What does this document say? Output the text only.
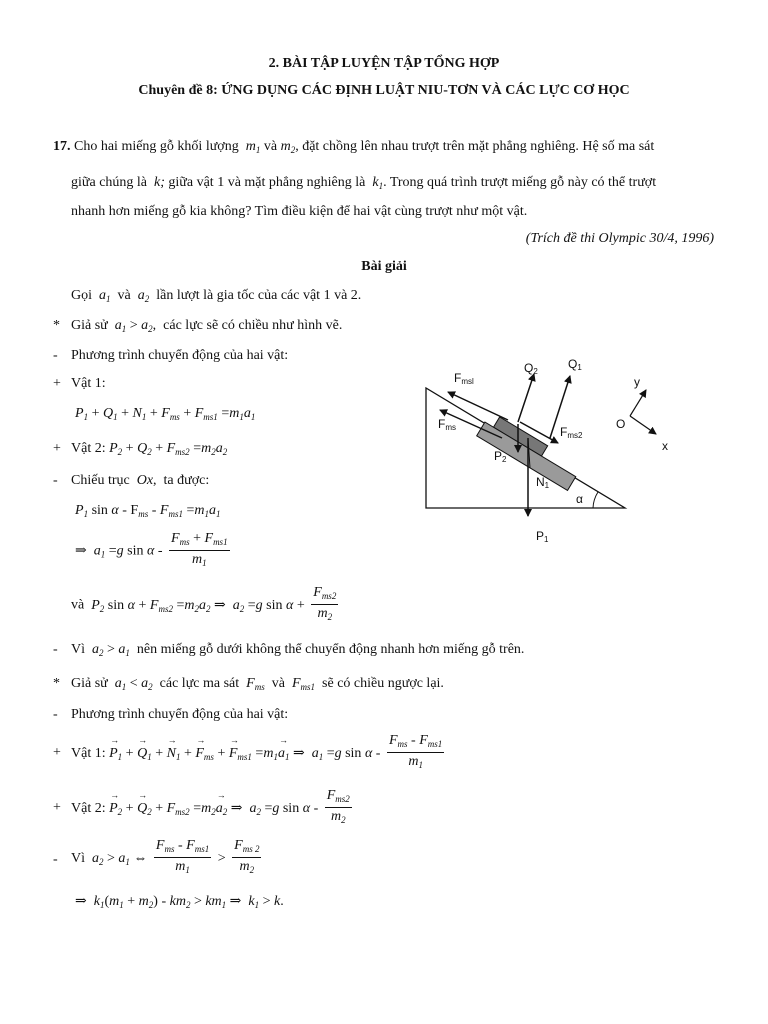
2. BÀI TẬP LUYỆN TẬP TỔNG HỢP
Chuyên đề 8: ỨNG DỤNG CÁC ĐỊNH LUẬT NIU-TƠN VÀ CÁC LỰC CƠ HỌC
17. Cho hai miếng gỗ khối lượng  $m_1$ và $m_2$, đặt chồng lên nhau trượt trên mặt phẳng nghiêng. Hệ số ma sát
giữa chúng là  k; giữa vật 1 và mặt phẳng nghiêng là  $k_1$. Trong quá trình trượt miếng gỗ này có thể trượt
nhanh hơn miếng gỗ kia không? Tìm điều kiện để hai vật cùng trượt như một vật.
(Trích đề thi Olympic 30/4, 1996)
Bài giải
Gọi  $a_1$ và  $a_2$ lần lượt là gia tốc của các vật 1 và 2.
* Giả sử  $a_1 > a_2$, các lực sẽ có chiều như hình vẽ.
- Phương trình chuyển động của hai vật:
+ Vật 1:
$P_1 + Q_1 + N_1 + F_{ms} + F_{ms1} =m_1a_1$
+ Vật 2: $P_2 + Q_2 + F_{ms2} =m_2a_2$
- Chiếu trục  Ox, ta được:
$P_1$ $\sin \alpha - F_{ms} - F_{ms1} =m_1a_1$
⇒  $a_1 =g$ sin α - $\frac{F_{ms} + F_{ms1}}{m_1}$
và  $P_2$ $\sin \alpha + F_{ms2} =m_2a_2$ ⇒  $a_2 =g$ $\sin \alpha + \frac{F_{ms2}}{m_2}$
- Vì  $a_2 > a_1$ nên miếng gỗ dưới không thể chuyển động nhanh hơn miếng gỗ trên.
* Giả sử  $a_1 < a_2$ các lực ma sát  $F_{ms}$ và  $F_{ms1}$ sẽ có chiều ngược lại.
- Phương trình chuyển động của hai vật:
+ Vật 1: → $P_1$ + → $Q_1$ + → $N_1$ + → $F_{ms}$ + → $F_{ms1} =m_1\to a_1$ ⇒  $a_1 =g$ sin α - $\frac{F_{ms} - F_{ms1}}{m_1}$
+ Vật 2: → $P_2$ + → $Q_2 + F_{ms2} =m_2\to a_2$ ⇒  $a_2 =g$ sin α - $\frac{F_{ms2}}{m_2}$
- Vì  $a_2 > a_1$ ⇔ $\frac{F_{ms} - F_{ms1}}{m_1} > \frac{F_{ms 2}}{m_2}$
⇒  $k_1(m_1 + m_2) - km_2 > km_1$ ⇒  $k_1 > k$.
Fmsl
Q2
Q1
Fms	Fms2
P2
N1
P1
α
y
x
O
